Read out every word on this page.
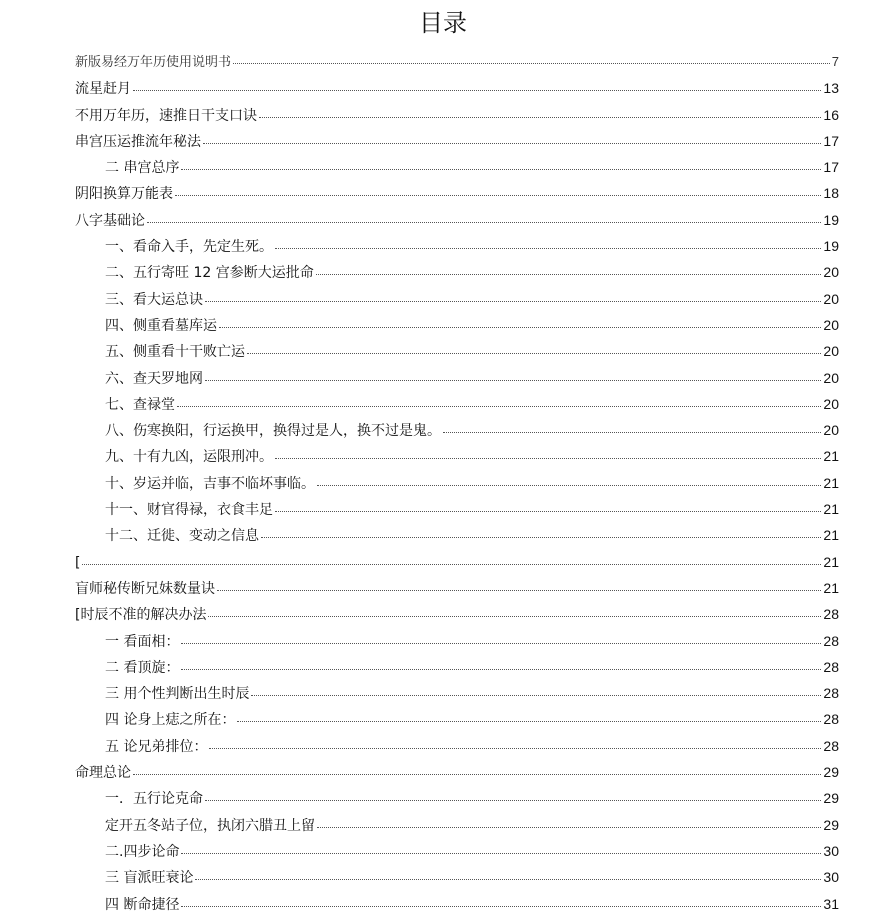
目录
新版易经万年历使用说明书	7
流星赶月	13
不用万年历，速推日干支口诀	16
串宫压运推流年秘法	17
二 串宫总序	17
阴阳换算万能表	18
八字基础论	19
一、看命入手，先定生死。	19
二、五行寄旺 12 宫参断大运批命	20
三、看大运总诀	20
四、侧重看墓库运	20
五、侧重看十干败亡运	20
六、查天罗地网	20
七、查禄堂	20
八、伤寒换阳，行运换甲，换得过是人，换不过是鬼。	20
九、十有九凶，运限刑冲。	21
十、岁运并临，吉事不临坏事临。	21
十一、财官得禄，衣食丰足	21
十二、迁徙、变动之信息	21
[	21
盲师秘传断兄妹数量诀	21
[时辰不准的解决办法	28
一 看面相：	28
二 看顶旋：	28
三 用个性判断出生时辰	28
四 论身上痣之所在：	28
五 论兄弟排位：	28
命理总论	29
一．五行论克命	29
定开五冬站子位，执闭六腊丑上留	29
二.四步论命	30
三 盲派旺衰论	30
四 断命捷径	31
